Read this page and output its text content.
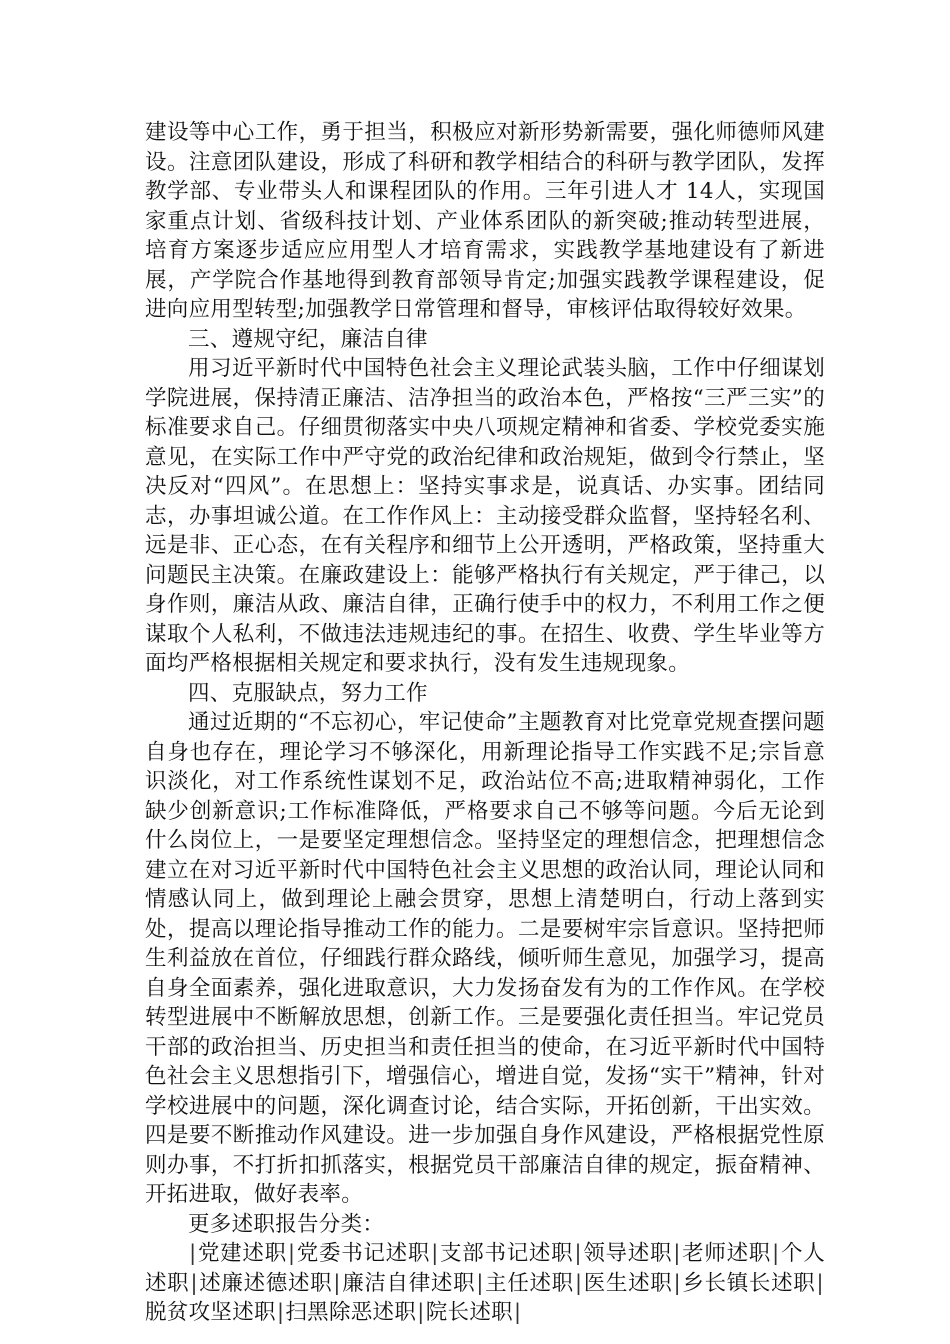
建设等中心工作，勇于担当，积极应对新形势新需要，强化师德师风建设。注意团队建设，形成了科研和教学相结合的科研与教学团队，发挥教学部、专业带头人和课程团队的作用。三年引进人才 14人，实现国家重点计划、省级科技计划、产业体系团队的新突破;推动转型进展，培育方案逐步适应应用型人才培育需求，实践教学基地建设有了新进展，产学院合作基地得到教育部领导肯定;加强实践教学课程建设，促进向应用型转型;加强教学日常管理和督导，审核评估取得较好效果。

三、遵规守纪，廉洁自律

用习近平新时代中国特色社会主义理论武装头脑，工作中仔细谋划学院进展，保持清正廉洁、洁净担当的政治本色，严格按“三严三实”的标准要求自己。仔细贯彻落实中央八项规定精神和省委、学校党委实施意见，在实际工作中严守党的政治纪律和政治规矩，做到令行禁止，坚决反对“四风”。在思想上：坚持实事求是，说真话、办实事。团结同志，办事坦诚公道。在工作作风上：主动接受群众监督，坚持轻名利、远是非、正心态，在有关程序和细节上公开透明，严格政策，坚持重大问题民主决策。在廉政建设上：能够严格执行有关规定，严于律己，以身作则，廉洁从政、廉洁自律，正确行使手中的权力，不利用工作之便谋取个人私利，不做违法违规违纪的事。在招生、收费、学生毕业等方面均严格根据相关规定和要求执行，没有发生违规现象。

四、克服缺点，努力工作

通过近期的“不忘初心，牢记使命”主题教育对比党章党规查摆问题自身也存在，理论学习不够深化，用新理论指导工作实践不足;宗旨意识淡化，对工作系统性谋划不足，政治站位不高;进取精神弱化，工作缺少创新意识;工作标准降低，严格要求自己不够等问题。今后无论到什么岗位上，一是要坚定理想信念。坚持坚定的理想信念，把理想信念建立在对习近平新时代中国特色社会主义思想的政治认同，理论认同和情感认同上，做到理论上融会贯穿，思想上清楚明白，行动上落到实处，提高以理论指导推动工作的能力。二是要树牢宗旨意识。坚持把师生利益放在首位，仔细践行群众路线，倾听师生意见，加强学习，提高自身全面素养，强化进取意识，大力发扬奋发有为的工作作风。在学校转型进展中不断解放思想，创新工作。三是要强化责任担当。牢记党员干部的政治担当、历史担当和责任担当的使命，在习近平新时代中国特色社会主义思想指引下，增强信心，增进自觉，发扬“实干”精神，针对学校进展中的问题，深化调查讨论，结合实际，开拓创新，干出实效。四是要不断推动作风建设。进一步加强自身作风建设，严格根据党性原则办事，不打折扣抓落实，根据党员干部廉洁自律的规定，振奋精神、开拓进取，做好表率。

更多述职报告分类：

|党建述职|党委书记述职|支部书记述职|领导述职|老师述职|个人述职|述廉述德述职|廉洁自律述职|主任述职|医生述职|乡长镇长述职|脱贫攻坚述职|扫黑除恶述职|院长述职|
